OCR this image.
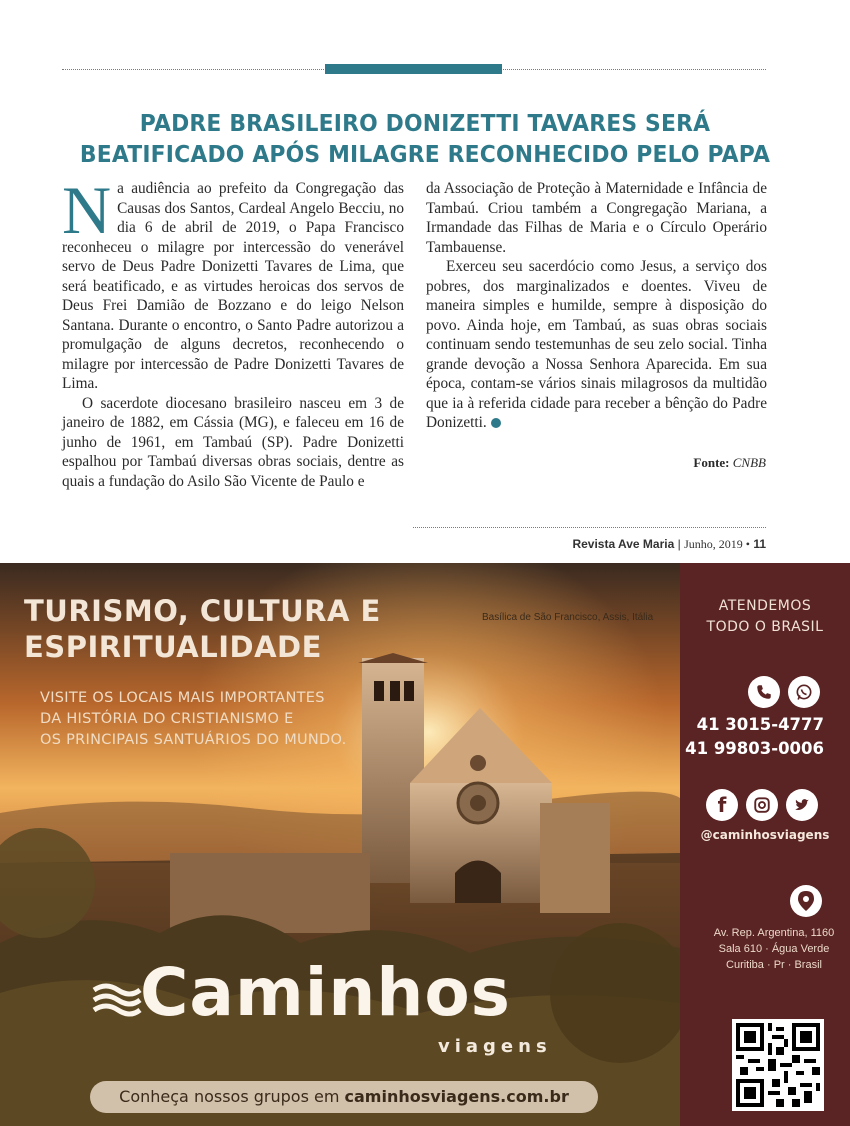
PADRE BRASILEIRO DONIZETTI TAVARES SERÁ
BEATIFICADO APÓS MILAGRE RECONHECIDO PELO PAPA

Na audiência ao prefeito da Congregação das Causas dos Santos, Cardeal Angelo Becciu, no dia 6 de abril de 2019, o Papa Francisco reconheceu o milagre por intercessão do venerável servo de Deus Padre Donizetti Tavares de Lima, que será beatificado, e as virtudes heroicas dos servos de Deus Frei Damião de Bozzano e do leigo Nelson Santana. Durante o encontro, o Santo Padre autorizou a promulgação de alguns decretos, reconhecendo o milagre por intercessão de Padre Donizetti Tavares de Lima.

O sacerdote diocesano brasileiro nasceu em 3 de janeiro de 1882, em Cássia (MG), e faleceu em 16 de junho de 1961, em Tambaú (SP). Padre Donizetti espalhou por Tambaú diversas obras sociais, dentre as quais a fundação do Asilo São Vicente de Paulo e

da Associação de Proteção à Maternidade e Infância de Tambaú. Criou também a Congregação Mariana, a Irmandade das Filhas de Maria e o Círculo Operário Tambauense.

Exerceu seu sacerdócio como Jesus, a serviço dos pobres, dos marginalizados e doentes. Viveu de maneira simples e humilde, sempre à disposição do povo. Ainda hoje, em Tambaú, as suas obras sociais continuam sendo testemunhas de seu zelo social. Tinha grande devoção a Nossa Senhora Aparecida. Em sua época, contam-se vários sinais milagrosos da multidão que ia à referida cidade para receber a bênção do Padre Donizetti.

Fonte: CNBB
Revista Ave Maria | Junho, 2019 • 11
TURISMO, CULTURA E
ESPIRITUALIDADE
VISITE OS LOCAIS MAIS IMPORTANTES
DA HISTÓRIA DO CRISTIANISMO E
OS PRINCIPAIS SANTUÁRIOS DO MUNDO.
Basílica de São Francisco, Assis, Itália
Caminhos
viagens
Conheça nossos grupos em caminhosviagens.com.br
ATENDEMOS
TODO O BRASIL
41 3015-4777
41 99803-0006
f
@caminhosviagens
Av. Rep. Argentina, 1160
Sala 610 · Água Verde
Curitiba · Pr · Brasil
